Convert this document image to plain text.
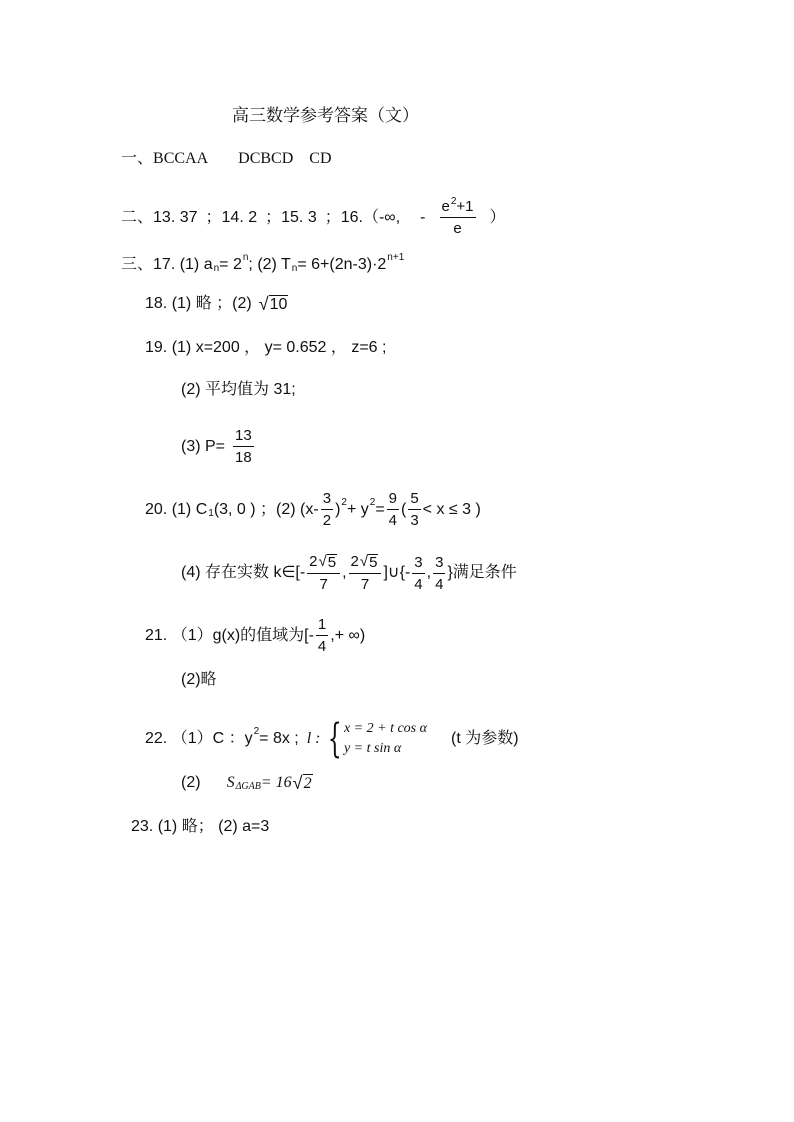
高三数学参考答案（文）
一、 BCCAA DCBCD CD
二、 13. 37 ； 14. 2 ； 15. 3 ； 16.（-∞, - $\frac{e^2+1}{e}$ ）
三、 17. (1) a n = 2 n ; (2) T n = 6+(2n-3)·2 n+1
18. (1) 略 ；(2) √ 10
19. (1) x=200 ， y= 0.652 ， z=6 ;
(2) 平均值为 31;
(3) $P= \frac{13}{18}$
20. (1) C 1 (3, 0 ) ；(2) ($x- \frac{3}{2}$ ) 2 + y $2 = \frac{9}{4}$ ( $\frac{5}{3} < x \le 3$ )
(4) 存在实数 k∈[- $\frac{2 √ 5}{7}$ , $\frac{2 √ 5}{7}$ ]∪{- $\frac{3}{4}$ , $\frac{3}{4}$ }满足条件
21. （1）g(x)的值域为[- $\frac{1}{4}$ ,+ ∞)
(2)略
22. （1）C ：y 2 = 8x ; l : { x = 2 + t cos α
y = t sin α
(t 为参数)
(2) S ΔGAB = 16 √ 2
23. (1) 略； (2) a=3
